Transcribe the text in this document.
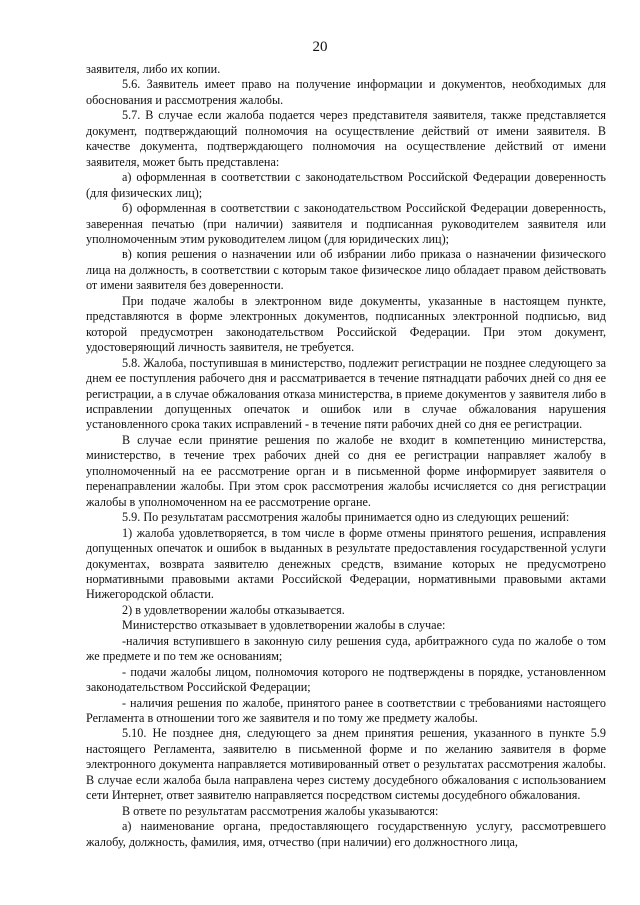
20

заявителя, либо их копии.

5.6. Заявитель имеет право на получение информации и документов, необходимых для обоснования и рассмотрения жалобы.

5.7. В случае если жалоба подается через представителя заявителя, также представляется документ, подтверждающий полномочия на осуществление действий от имени заявителя. В качестве документа, подтверждающего полномочия на осуществление действий от имени заявителя, может быть представлена:

а) оформленная в соответствии с законодательством Российской Федерации доверенность (для физических лиц);

б) оформленная в соответствии с законодательством Российской Федерации доверенность, заверенная печатью (при наличии) заявителя и подписанная руководителем заявителя или уполномоченным этим руководителем лицом (для юридических лиц);

в) копия решения о назначении или об избрании либо приказа о назначении физического лица на должность, в соответствии с которым такое физическое лицо обладает правом действовать от имени заявителя без доверенности.

При подаче жалобы в электронном виде документы, указанные в настоящем пункте, представляются в форме электронных документов, подписанных электронной подписью, вид которой предусмотрен законодательством Российской Федерации. При этом документ, удостоверяющий личность заявителя, не требуется.

5.8. Жалоба, поступившая в министерство, подлежит регистрации не позднее следующего за днем ее поступления рабочего дня и рассматривается в течение пятнадцати рабочих дней со дня ее регистрации, а в случае обжалования отказа министерства, в приеме документов у заявителя либо в исправлении допущенных опечаток и ошибок или в случае обжалования нарушения установленного срока таких исправлений - в течение пяти рабочих дней со дня ее регистрации.

В случае если принятие решения по жалобе не входит в компетенцию министерства, министерство, в течение трех рабочих дней со дня ее регистрации направляет жалобу в уполномоченный на ее рассмотрение орган и в письменной форме информирует заявителя о перенаправлении жалобы. При этом срок рассмотрения жалобы исчисляется со дня регистрации жалобы в уполномоченном на ее рассмотрение органе.

5.9. По результатам рассмотрения жалобы принимается одно из следующих решений:

1) жалоба удовлетворяется, в том числе в форме отмены принятого решения, исправления допущенных опечаток и ошибок в выданных в результате предоставления государственной услуги документах, возврата заявителю денежных средств, взимание которых не предусмотрено нормативными правовыми актами Российской Федерации, нормативными правовыми актами Нижегородской области.

2) в удовлетворении жалобы отказывается.

Министерство отказывает в удовлетворении жалобы в случае:

-наличия вступившего в законную силу решения суда, арбитражного суда по жалобе о том же предмете и по тем же основаниям;

- подачи жалобы лицом, полномочия которого не подтверждены в порядке, установленном законодательством Российской Федерации;

- наличия решения по жалобе, принятого ранее в соответствии с требованиями настоящего Регламента в отношении того же заявителя и по тому же предмету жалобы.

5.10. Не позднее дня, следующего за днем принятия решения, указанного в пункте 5.9 настоящего Регламента, заявителю в письменной форме и по желанию заявителя в форме электронного документа направляется мотивированный ответ о результатах рассмотрения жалобы. В случае если жалоба была направлена через систему досудебного обжалования с использованием сети Интернет, ответ заявителю направляется посредством системы досудебного обжалования.

В ответе по результатам рассмотрения жалобы указываются:

а) наименование органа, предоставляющего государственную услугу, рассмотревшего жалобу, должность, фамилия, имя, отчество (при наличии) его должностного лица,
